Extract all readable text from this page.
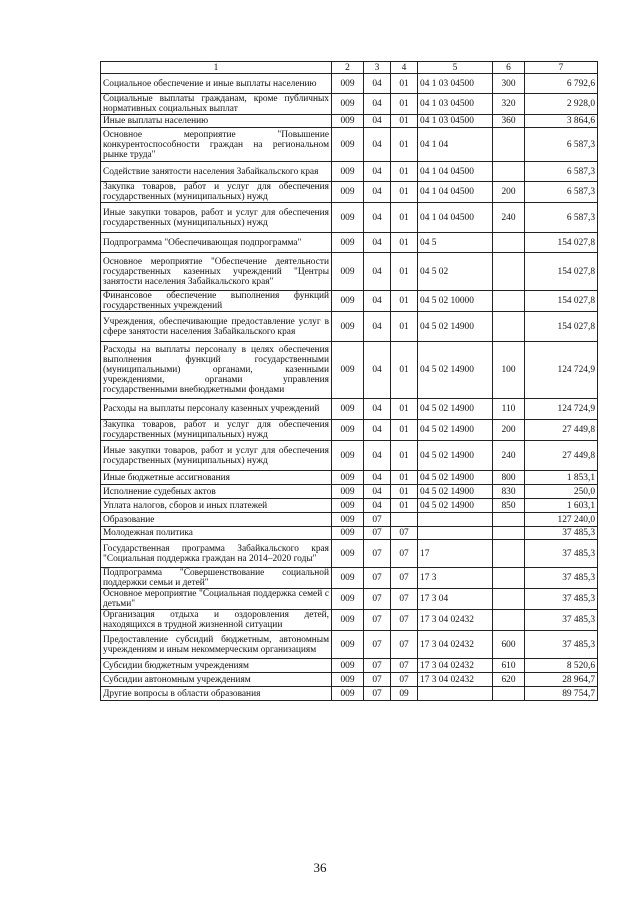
1	2	3	4	5	6	7
Социальное обеспечение и иные выплаты населению	009	04	01	04 1 03 04500	300	6 792,6
Социальные выплаты гражданам, кроме публичных нормативных социальных выплат	009	04	01	04 1 03 04500	320	2 928,0
Иные выплаты населению	009	04	01	04 1 03 04500	360	3 864,6
Основное мероприятие "Повышение конкурентоспособности граждан на региональном рынке труда"	009	04	01	04 1 04		6 587,3
Содействие занятости населения Забайкальского края	009	04	01	04 1 04 04500		6 587,3
Закупка товаров, работ и услуг для обеспечения государственных (муниципальных) нужд	009	04	01	04 1 04 04500	200	6 587,3
Иные закупки товаров, работ и услуг для обеспечения государственных (муниципальных) нужд	009	04	01	04 1 04 04500	240	6 587,3
Подпрограмма "Обеспечивающая подпрограмма"	009	04	01	04 5		154 027,8
Основное мероприятие "Обеспечение деятельности государственных казенных учреждений "Центры занятости населения Забайкальского края"	009	04	01	04 5 02		154 027,8
Финансовое обеспечение выполнения функций государственных учреждений	009	04	01	04 5 02 10000		154 027,8
Учреждения, обеспечивающие предоставление услуг в сфере занятости населения Забайкальского края	009	04	01	04 5 02 14900		154 027,8
Расходы на выплаты персоналу в целях обеспечения выполнения функций государственными (муниципальными) органами, казенными учреждениями, органами управления государственными внебюджетными фондами	009	04	01	04 5 02 14900	100	124 724,9
Расходы на выплаты персоналу казенных учреждений	009	04	01	04 5 02 14900	110	124 724,9
Закупка товаров, работ и услуг для обеспечения государственных (муниципальных) нужд	009	04	01	04 5 02 14900	200	27 449,8
Иные закупки товаров, работ и услуг для обеспечения государственных (муниципальных) нужд	009	04	01	04 5 02 14900	240	27 449,8
Иные бюджетные ассигнования	009	04	01	04 5 02 14900	800	1 853,1
Исполнение судебных актов	009	04	01	04 5 02 14900	830	250,0
Уплата налогов, сборов и иных платежей	009	04	01	04 5 02 14900	850	1 603,1
Образование	009	07				127 240,0
Молодежная политика	009	07	07			37 485,3
Государственная программа Забайкальского края "Социальная поддержка граждан на 2014–2020 годы"	009	07	07	17		37 485,3
Подпрограмма "Совершенствование социальной поддержки семьи и детей"	009	07	07	17 3		37 485,3
Основное мероприятие "Социальная поддержка семей с детьми"	009	07	07	17 3 04		37 485,3
Организация отдыха и оздоровления детей, находящихся в трудной жизненной ситуации	009	07	07	17 3 04 02432		37 485,3
Предоставление субсидий бюджетным, автономным учреждениям и иным некоммерческим организациям	009	07	07	17 3 04 02432	600	37 485,3
Субсидии бюджетным учреждениям	009	07	07	17 3 04 02432	610	8 520,6
Субсидии автономным учреждениям	009	07	07	17 3 04 02432	620	28 964,7
Другие вопросы в области образования	009	07	09			89 754,7
36
